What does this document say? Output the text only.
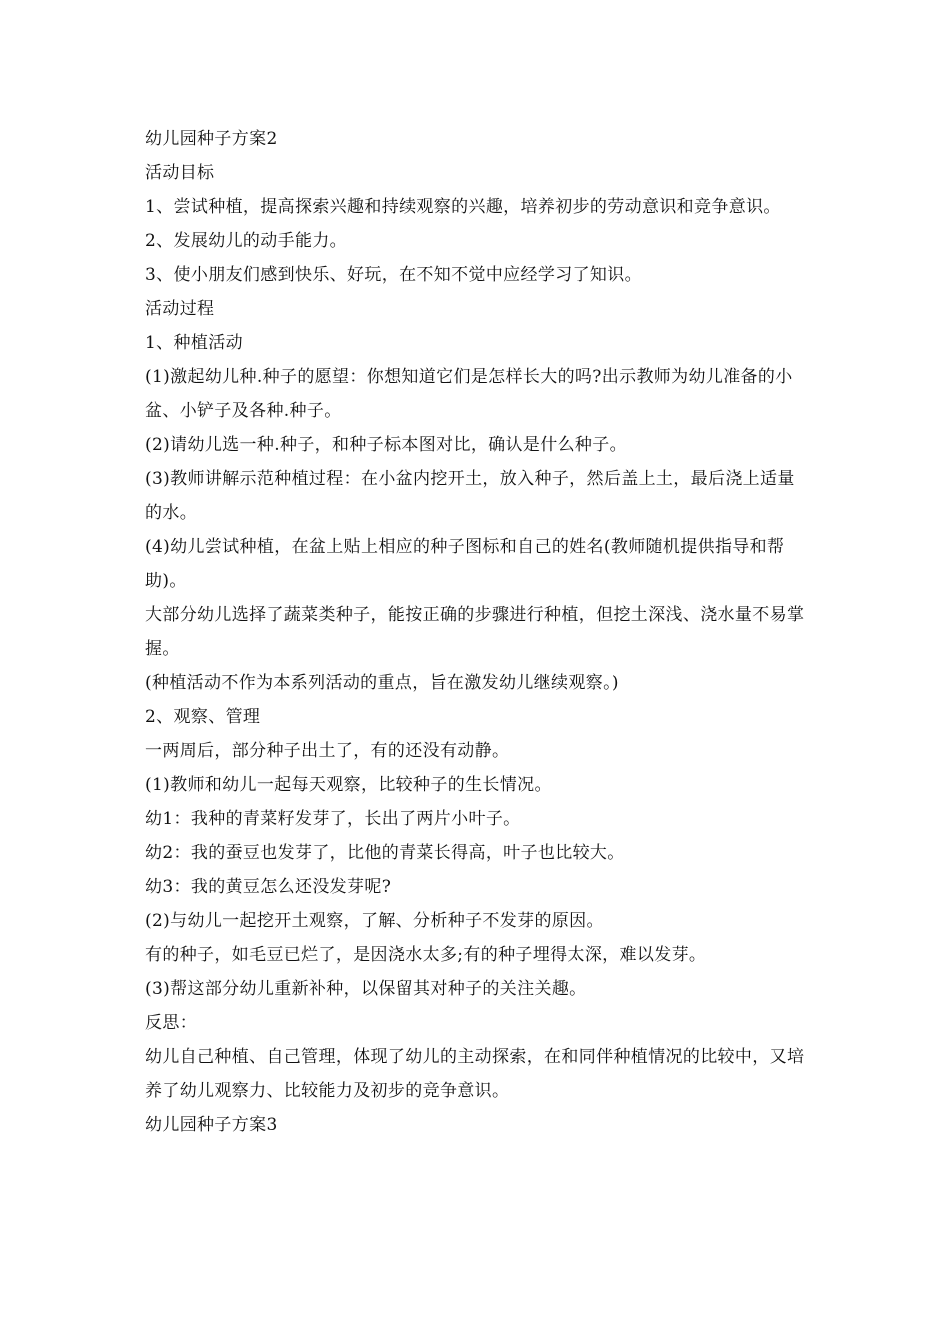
幼儿园种子方案2

活动目标

1、尝试种植，提高探索兴趣和持续观察的兴趣，培养初步的劳动意识和竞争意识。

2、发展幼儿的动手能力。

3、使小朋友们感到快乐、好玩，在不知不觉中应经学习了知识。

活动过程

1、种植活动

(1)激起幼儿种.种子的愿望：你想知道它们是怎样长大的吗?出示教师为幼儿准备的小盆、小铲子及各种.种子。

(2)请幼儿选一种.种子，和种子标本图对比，确认是什么种子。

(3)教师讲解示范种植过程：在小盆内挖开土，放入种子，然后盖上土，最后浇上适量的水。

(4)幼儿尝试种植，在盆上贴上相应的种子图标和自己的姓名(教师随机提供指导和帮助)。

大部分幼儿选择了蔬菜类种子，能按正确的步骤进行种植，但挖土深浅、浇水量不易掌握。

(种植活动不作为本系列活动的重点，旨在激发幼儿继续观察。)

2、观察、管理

一两周后，部分种子出土了，有的还没有动静。

(1)教师和幼儿一起每天观察，比较种子的生长情况。

幼1：我种的青菜籽发芽了，长出了两片小叶子。

幼2：我的蚕豆也发芽了，比他的青菜长得高，叶子也比较大。

幼3：我的黄豆怎么还没发芽呢?

(2)与幼儿一起挖开土观察，了解、分析种子不发芽的原因。

有的种子，如毛豆已烂了，是因浇水太多;有的种子埋得太深，难以发芽。

(3)帮这部分幼儿重新补种，以保留其对种子的关注关趣。

反思：

幼儿自己种植、自己管理，体现了幼儿的主动探索，在和同伴种植情况的比较中，又培养了幼儿观察力、比较能力及初步的竞争意识。

幼儿园种子方案3
